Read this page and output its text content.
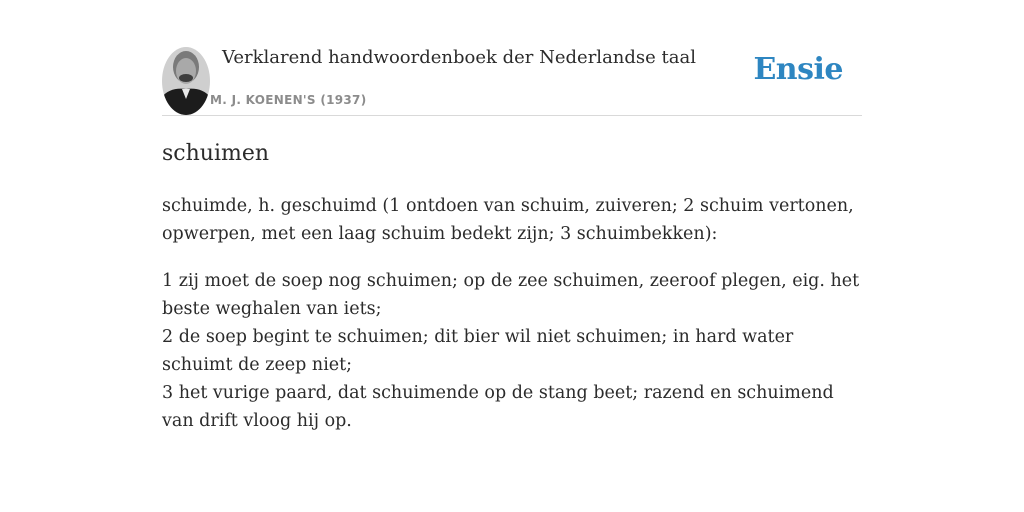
Verklarend handwoordenboek der Nederlandse taal
M. J. KOENEN'S (1937)
Ensie
schuimen

schuimde, h. geschuimd (1 ontdoen van schuim, zuiveren; 2 schuim vertonen, opwerpen, met een laag schuim bedekt zijn; 3 schuimbekken):

1 zij moet de soep nog schuimen; op de zee schuimen, zeeroof plegen, eig. het beste weghalen van iets;
2 de soep begint te schuimen; dit bier wil niet schuimen; in hard water schuimt de zeep niet;
3 het vurige paard, dat schuimende op de stang beet; razend en schuimend van drift vloog hij op.
